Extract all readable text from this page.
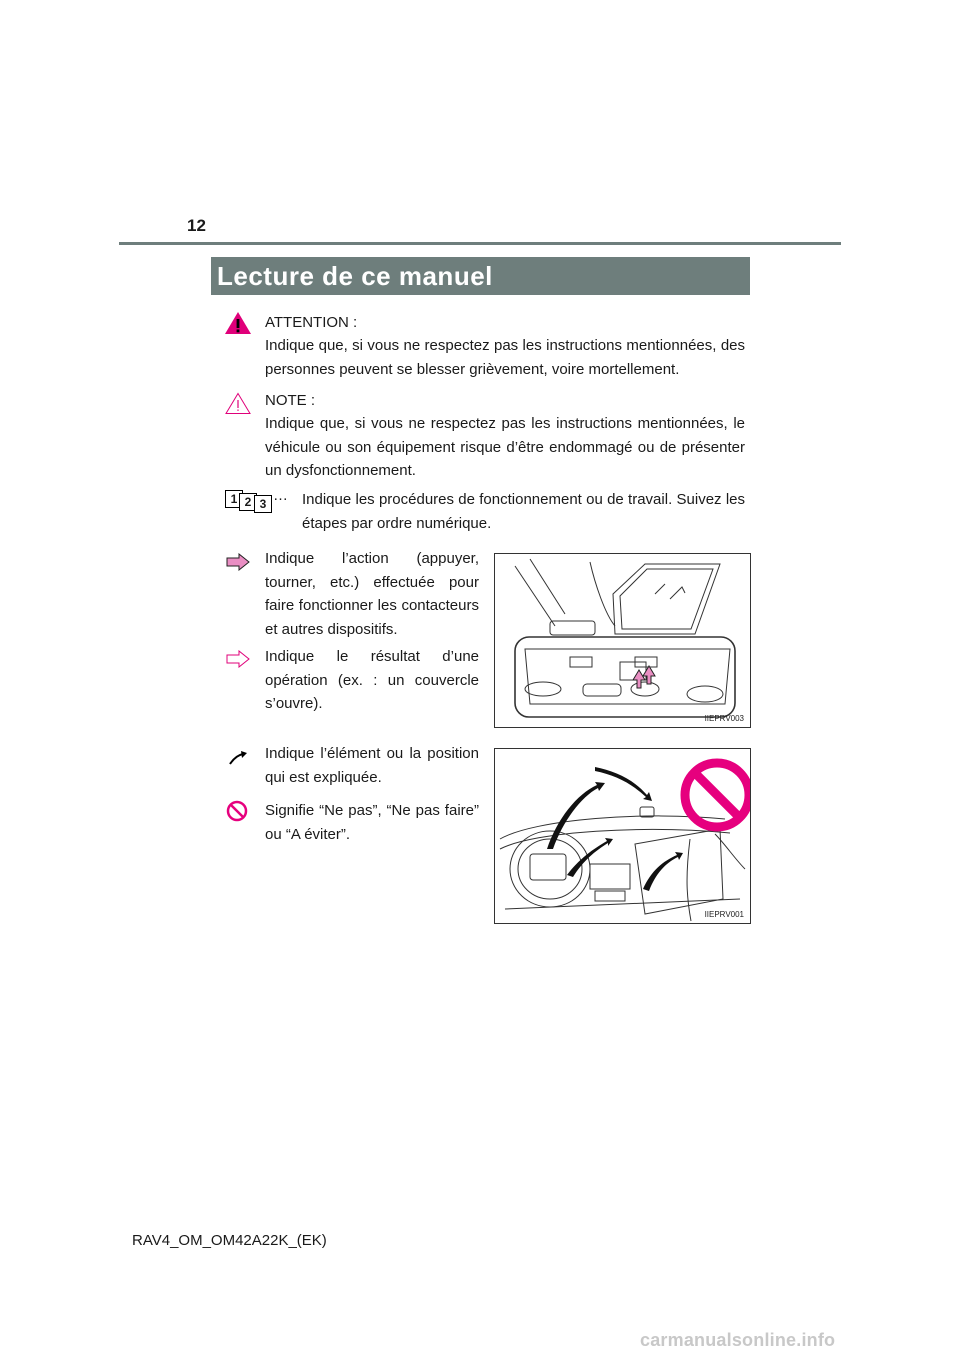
12
Lecture de ce manuel
ATTENTION :
Indique que, si vous ne respectez pas les instructions mentionnées, des personnes peuvent se blesser grièvement, voire mortellement.
NOTE :
Indique que, si vous ne respectez pas les instructions mentionnées, le véhicule ou son équipement risque d’être endommagé ou de présenter un dysfonctionnement.
1 2 3 … Indique les procédures de fonctionnement ou de travail. Suivez les étapes par ordre numérique.
Indique l’action (appuyer, tourner, etc.) effectuée pour faire fonctionner les contacteurs et autres dispositifs.
Indique le résultat d’une opération (ex. : un couvercle s’ouvre).
IIEPRV003
Indique l’élément ou la position qui est expliquée.
Signifie “Ne pas”, “Ne pas faire” ou “A éviter”.
IIEPRV001
RAV4_OM_OM42A22K_(EK)
carmanualsonline.info
